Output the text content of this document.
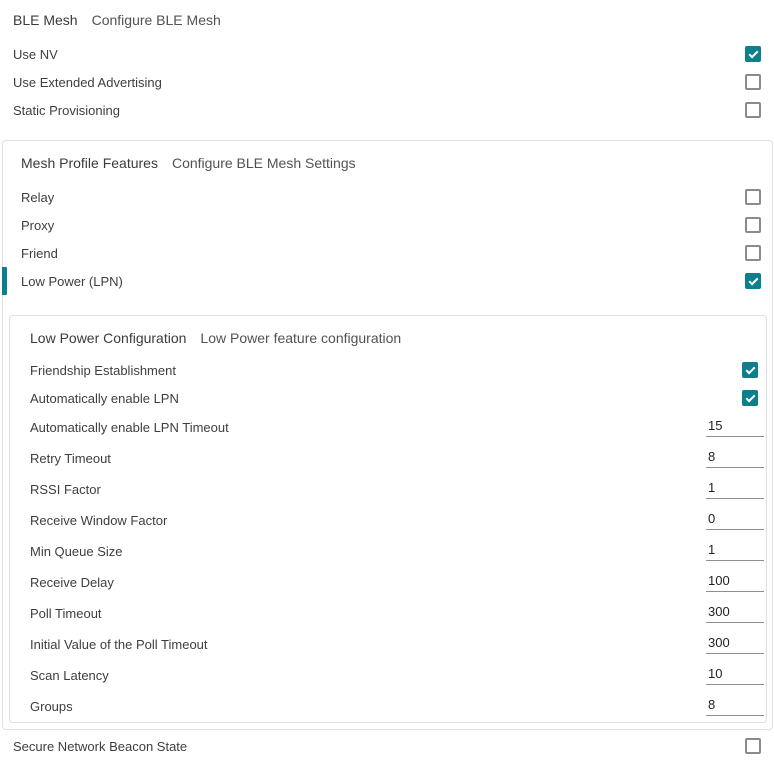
BLE Mesh Configure BLE Mesh
Use NV
Use Extended Advertising
Static Provisioning
Mesh Profile Features Configure BLE Mesh Settings
Relay
Proxy
Friend
Low Power (LPN)
Low Power Configuration Low Power feature configuration
Friendship Establishment
Automatically enable LPN
Automatically enable LPN Timeout
15
Retry Timeout
8
RSSI Factor
1
Receive Window Factor
0
Min Queue Size
1
Receive Delay
100
Poll Timeout
300
Initial Value of the Poll Timeout
300
Scan Latency
10
Groups
8
Secure Network Beacon State
